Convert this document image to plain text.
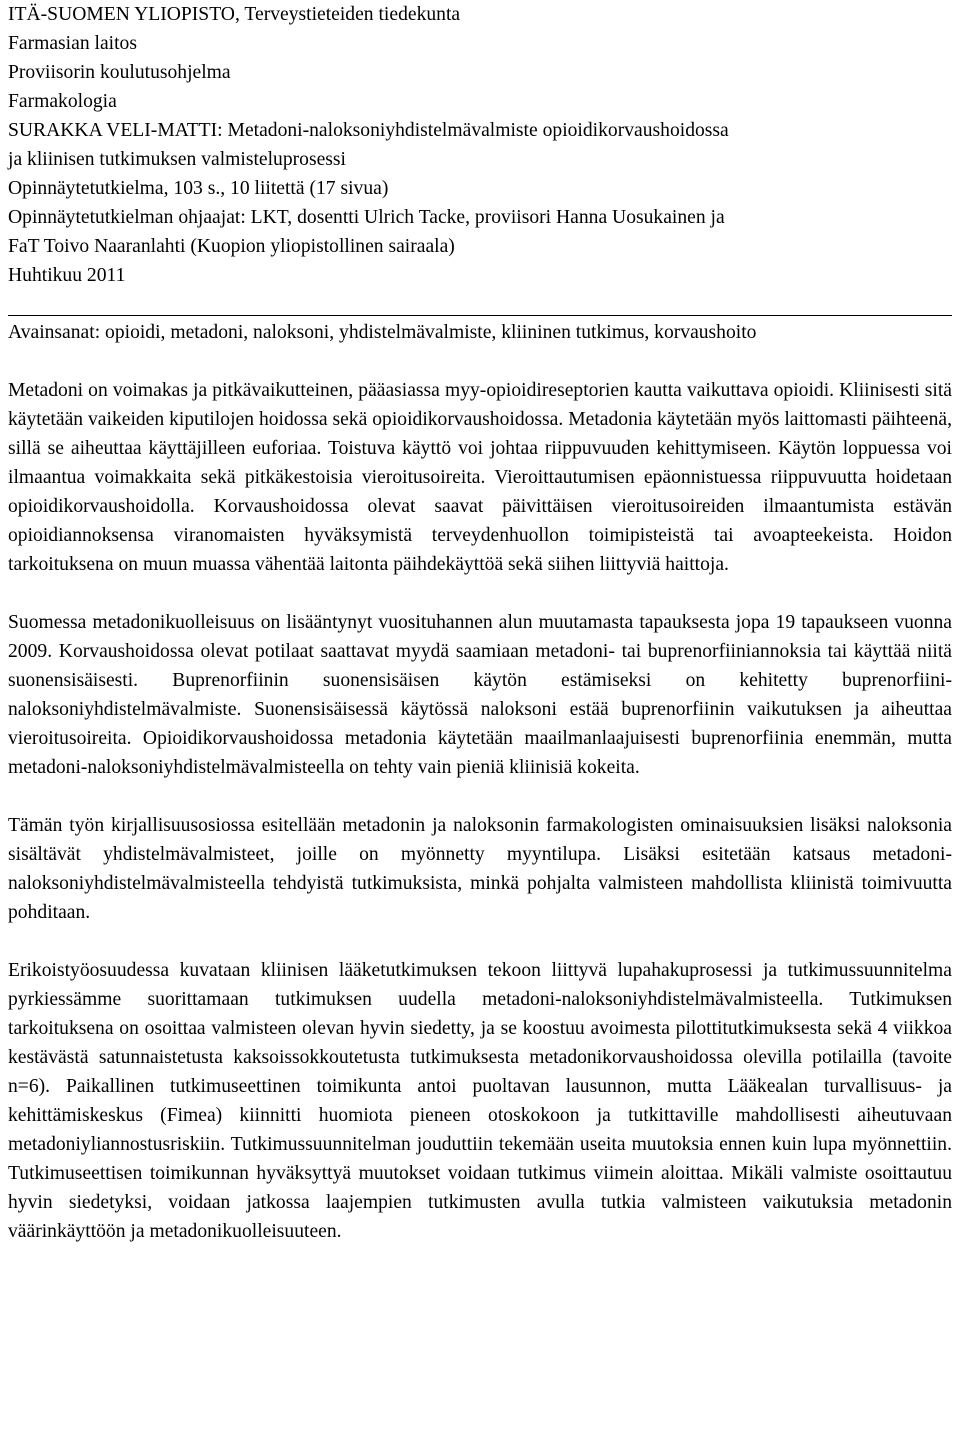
ITÄ-SUOMEN YLIOPISTO, Terveystieteiden tiedekunta
Farmasian laitos
Proviisorin koulutusohjelma
Farmakologia
SURAKKA VELI-MATTI: Metadoni-naloksoniyhdistelmävalmiste opioidikorvaushoidossa
ja kliinisen tutkimuksen valmisteluprosessi
Opinnäytetutkielma, 103 s., 10 liitettä (17 sivua)
Opinnäytetutkielman ohjaajat: LKT, dosentti Ulrich Tacke, proviisori Hanna Uosukainen ja
FaT Toivo Naaranlahti (Kuopion yliopistollinen sairaala)
Huhtikuu 2011
Avainsanat: opioidi, metadoni, naloksoni, yhdistelmävalmiste, kliininen tutkimus, korvaushoito

Metadoni on voimakas ja pitkävaikutteinen, pääasiassa myy-opioidireseptorien kautta vaikuttava opioidi. Kliinisesti sitä käytetään vaikeiden kiputilojen hoidossa sekä opioidikorvaushoidossa. Metadonia käytetään myös laittomasti päihteenä, sillä se aiheuttaa käyttäjilleen euforiaa. Toistuva käyttö voi johtaa riippuvuuden kehittymiseen. Käytön loppuessa voi ilmaantua voimakkaita sekä pitkäkestoisia vieroitusoireita. Vieroittautumisen epäonnistuessa riippuvuutta hoidetaan opioidikorvaushoidolla. Korvaushoidossa olevat saavat päivittäisen vieroitusoireiden ilmaantumista estävän opioidiannoksensa viranomaisten hyväksymistä terveydenhuollon toimipisteistä tai avoapteekeista. Hoidon tarkoituksena on muun muassa vähentää laitonta päihdekäyttöä sekä siihen liittyviä haittoja.

Suomessa metadonikuolleisuus on lisääntynyt vuosituhannen alun muutamasta tapauksesta jopa 19 tapaukseen vuonna 2009. Korvaushoidossa olevat potilaat saattavat myydä saamiaan metadoni- tai buprenorfiiniannoksia tai käyttää niitä suonensisäisesti. Buprenorfiinin suonensisäisen käytön estämiseksi on kehitetty buprenorfiini-naloksoniyhdistelmävalmiste. Suonensisäisessä käytössä naloksoni estää buprenorfiinin vaikutuksen ja aiheuttaa vieroitusoireita. Opioidikorvaushoidossa metadonia käytetään maailmanlaajuisesti buprenorfiinia enemmän, mutta metadoni-naloksoniyhdistelmävalmisteella on tehty vain pieniä kliinisiä kokeita.

Tämän työn kirjallisuusosiossa esitellään metadonin ja naloksonin farmakologisten ominaisuuksien lisäksi naloksonia sisältävät yhdistelmävalmisteet, joille on myönnetty myyntilupa. Lisäksi esitetään katsaus metadoni-naloksoniyhdistelmävalmisteella tehdyistä tutkimuksista, minkä pohjalta valmisteen mahdollista kliinistä toimivuutta pohditaan.

Erikoistyöosuudessa kuvataan kliinisen lääketutkimuksen tekoon liittyvä lupahakuprosessi ja tutkimussuunnitelma pyrkiessämme suorittamaan tutkimuksen uudella metadoni-naloksoniyhdistelmävalmisteella. Tutkimuksen tarkoituksena on osoittaa valmisteen olevan hyvin siedetty, ja se koostuu avoimesta pilottitutkimuksesta sekä 4 viikkoa kestävästä satunnaistetusta kaksoissokkoutetusta tutkimuksesta metadonikorvaushoidossa olevilla potilailla (tavoite n=6). Paikallinen tutkimuseettinen toimikunta antoi puoltavan lausunnon, mutta Lääkealan turvallisuus- ja kehittämiskeskus (Fimea) kiinnitti huomiota pieneen otoskokoon ja tutkittaville mahdollisesti aiheutuvaan metadoniyliannostusriskiin. Tutkimussuunnitelman jouduttiin tekemään useita muutoksia ennen kuin lupa myönnettiin. Tutkimuseettisen toimikunnan hyväksyttyä muutokset voidaan tutkimus viimein aloittaa. Mikäli valmiste osoittautuu hyvin siedetyksi, voidaan jatkossa laajempien tutkimusten avulla tutkia valmisteen vaikutuksia metadonin väärinkäyttöön ja metadonikuolleisuuteen.
